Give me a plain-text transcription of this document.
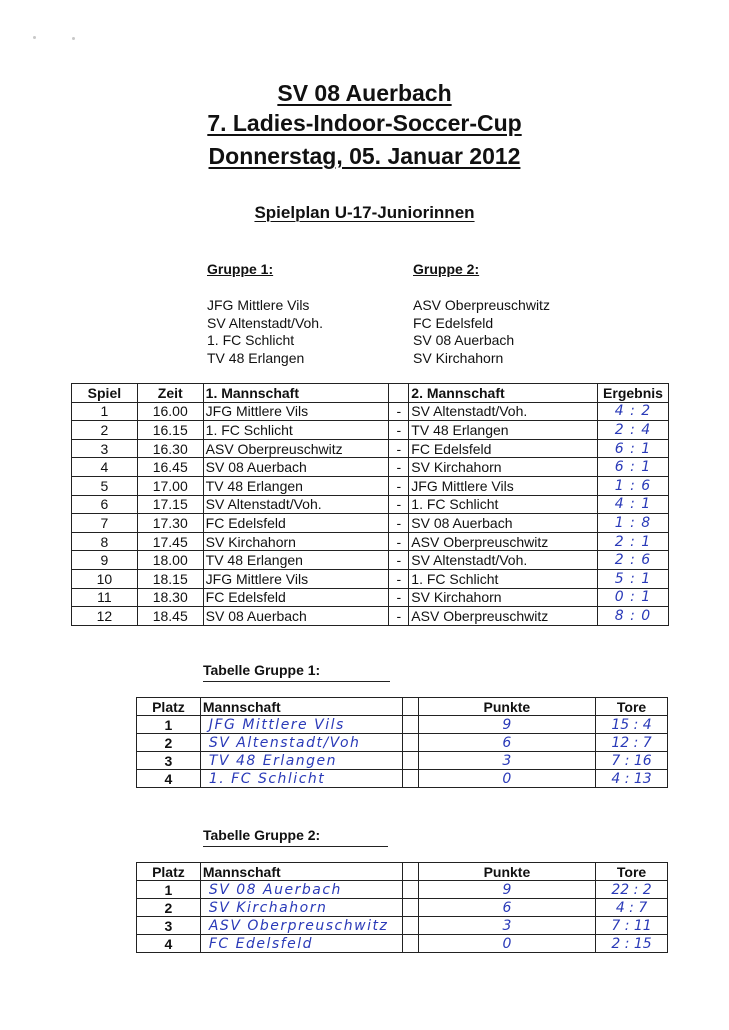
SV 08 Auerbach
7. Ladies-Indoor-Soccer-Cup
Donnerstag, 05. Januar 2012
Spielplan U-17-Juniorinnen
Gruppe 1:
JFG Mittlere Vils
SV Altenstadt/Voh.
1. FC Schlicht
TV 48 Erlangen
Gruppe 2:
ASV Oberpreuschwitz
FC Edelsfeld
SV 08 Auerbach
SV Kirchahorn
Spiel	Zeit	1. Mannschaft		2. Mannschaft	Ergebnis
1	16.00	JFG Mittlere Vils	-	SV Altenstadt/Voh.	4 : 2
2	16.15	1. FC Schlicht	-	TV 48 Erlangen	2 : 4
3	16.30	ASV Oberpreuschwitz	-	FC Edelsfeld	6 : 1
4	16.45	SV 08 Auerbach	-	SV Kirchahorn	6 : 1
5	17.00	TV 48 Erlangen	-	JFG Mittlere Vils	1 : 6
6	17.15	SV Altenstadt/Voh.	-	1. FC Schlicht	4 : 1
7	17.30	FC Edelsfeld	-	SV 08 Auerbach	1 : 8
8	17.45	SV Kirchahorn	-	ASV Oberpreuschwitz	2 : 1
9	18.00	TV 48 Erlangen	-	SV Altenstadt/Voh.	2 : 6
10	18.15	JFG Mittlere Vils	-	1. FC Schlicht	5 : 1
11	18.30	FC Edelsfeld	-	SV Kirchahorn	0 : 1
12	18.45	SV 08 Auerbach	-	ASV Oberpreuschwitz	8 : 0
Tabelle Gruppe 1:
Platz	Mannschaft		Punkte	Tore
1	JFG Mittlere Vils		9	15 : 4
2	SV Altenstadt/Voh		6	12 : 7
3	TV 48 Erlangen		3	7 : 16
4	1. FC Schlicht		0	4 : 13
Tabelle Gruppe 2:
Platz	Mannschaft		Punkte	Tore
1	SV 08 Auerbach		9	22 : 2
2	SV Kirchahorn		6	4 : 7
3	ASV Oberpreuschwitz		3	7 : 11
4	FC Edelsfeld		0	2 : 15
